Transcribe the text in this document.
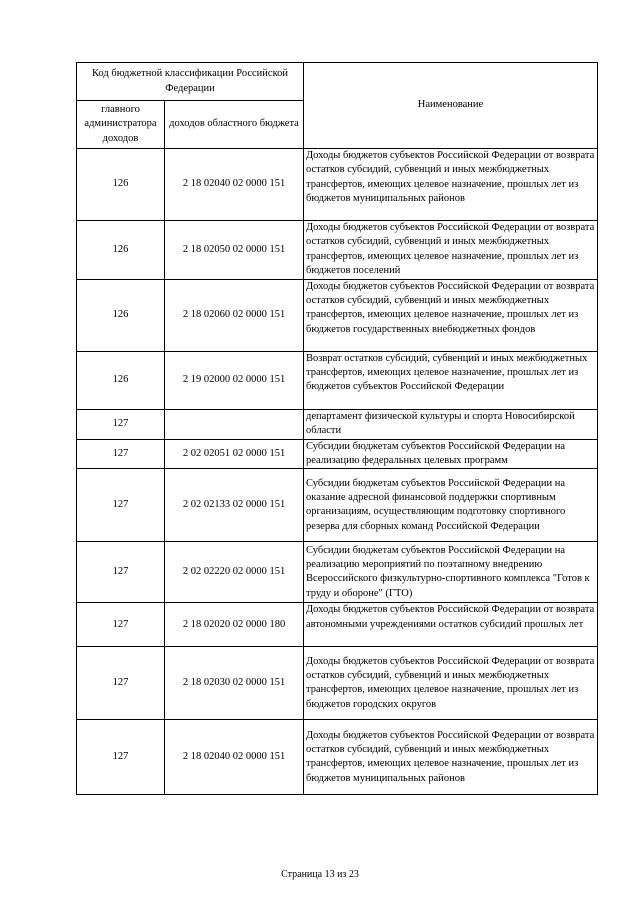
Код бюджетной классификации Российской Федерации		Наименование
главного администратора доходов	доходов областного бюджета	
126	2 18 02040 02 0000 151	Доходы бюджетов субъектов Российской Федерации от возврата остатков субсидий, субвенций и иных межбюджетных трансфертов, имеющих целевое назначение, прошлых лет из бюджетов муниципальных районов
126	2 18 02050 02 0000 151	Доходы бюджетов субъектов Российской Федерации от возврата остатков субсидий, субвенций и иных межбюджетных трансфертов, имеющих целевое назначение, прошлых лет из бюджетов поселений
126	2 18 02060 02 0000 151	Доходы бюджетов субъектов Российской Федерации от возврата остатков субсидий, субвенций и иных межбюджетных трансфертов, имеющих целевое назначение, прошлых лет из бюджетов государственных внебюджетных фондов
126	2 19 02000 02 0000 151	Возврат остатков субсидий, субвенций и иных межбюджетных трансфертов, имеющих целевое назначение, прошлых лет из бюджетов субъектов Российской Федерации
127		департамент физической культуры и спорта Новосибирской области
127	2 02 02051 02 0000 151	Субсидии бюджетам субъектов Российской Федерации на реализацию федеральных целевых программ
127	2 02 02133 02 0000 151	Субсидии бюджетам субъектов Российской Федерации на оказание адресной финансовой поддержки спортивным организациям, осуществляющим подготовку спортивного резерва для сборных команд Российской Федерации
127	2 02 02220 02 0000 151	Субсидии бюджетам субъектов Российской Федерации на реализацию мероприятий по поэтапному внедрению Всероссийского физкультурно-спортивного комплекса "Готов к труду и обороне" (ГТО)
127	2 18 02020 02 0000 180	Доходы бюджетов субъектов Российской Федерации от возврата автономными учреждениями остатков субсидий прошлых лет
127	2 18 02030 02 0000 151	Доходы бюджетов субъектов Российской Федерации от возврата остатков субсидий, субвенций и иных межбюджетных трансфертов, имеющих целевое назначение, прошлых лет из бюджетов городских округов
127	2 18 02040 02 0000 151	Доходы бюджетов субъектов Российской Федерации от возврата остатков субсидий, субвенций и иных межбюджетных трансфертов, имеющих целевое назначение, прошлых лет из бюджетов муниципальных районов
Страница 13 из 23
